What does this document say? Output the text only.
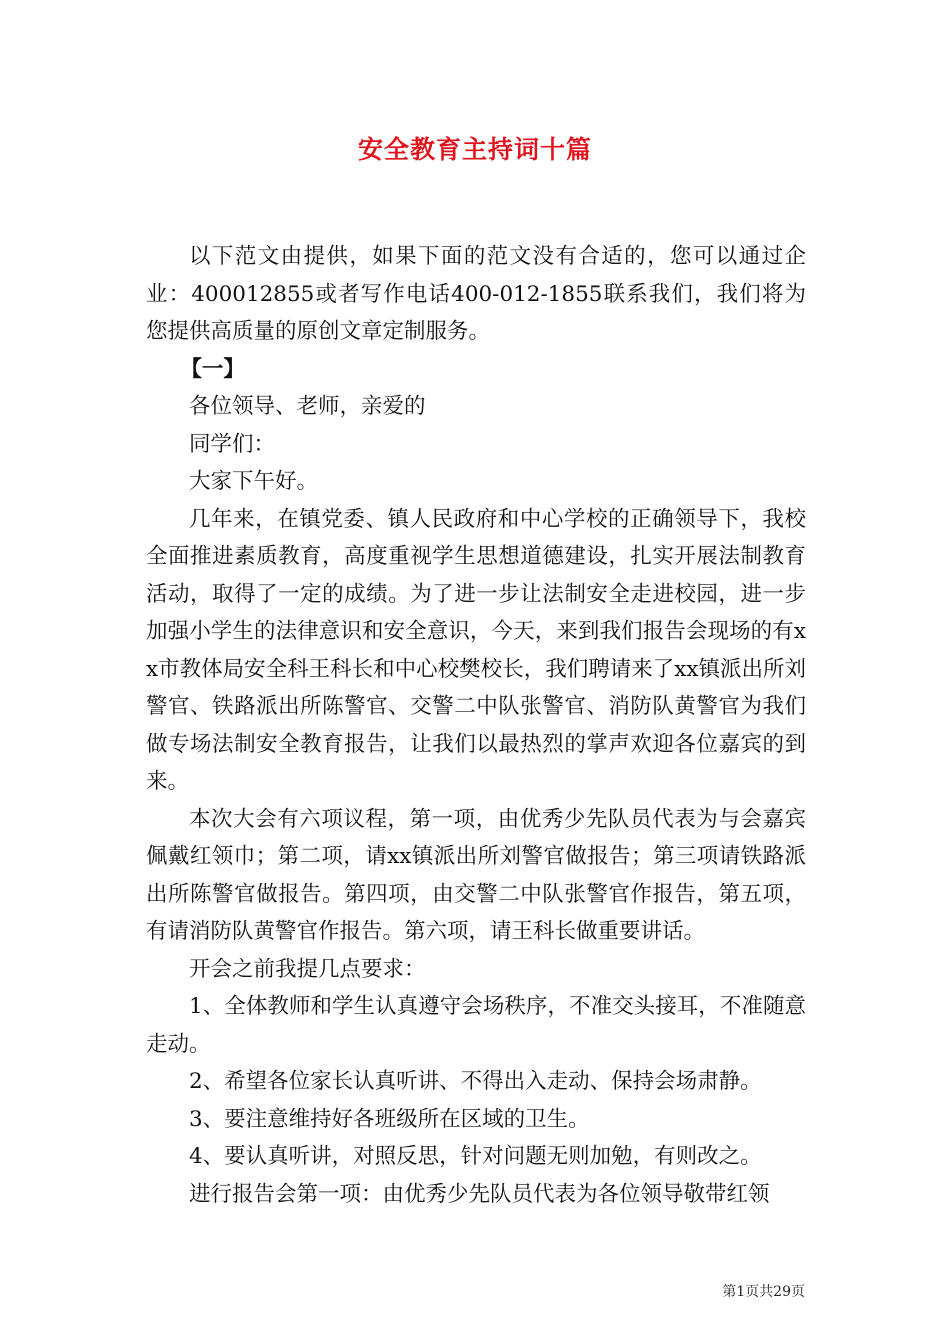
安全教育主持词十篇

以下范文由提供，如果下面的范文没有合适的，您可以通过企业：400012855或者写作电话400-012-1855联系我们，我们将为您提供高质量的原创文章定制服务。

【一】

各位领导、老师，亲爱的

同学们：

大家下午好。

几年来，在镇党委、镇人民政府和中心学校的正确领导下，我校全面推进素质教育，高度重视学生思想道德建设，扎实开展法制教育活动，取得了一定的成绩。为了进一步让法制安全走进校园，进一步加强小学生的法律意识和安全意识，今天，来到我们报告会现场的有xx市教体局安全科王科长和中心校樊校长，我们聘请来了xx镇派出所刘警官、铁路派出所陈警官、交警二中队张警官、消防队黄警官为我们做专场法制安全教育报告，让我们以最热烈的掌声欢迎各位嘉宾的到来。

本次大会有六项议程，第一项，由优秀少先队员代表为与会嘉宾佩戴红领巾；第二项，请xx镇派出所刘警官做报告；第三项请铁路派出所陈警官做报告。第四项，由交警二中队张警官作报告，第五项，有请消防队黄警官作报告。第六项，请王科长做重要讲话。

开会之前我提几点要求：

1、全体教师和学生认真遵守会场秩序，不准交头接耳，不准随意走动。

2、希望各位家长认真听讲、不得出入走动、保持会场肃静。

3、要注意维持好各班级所在区域的卫生。

4、要认真听讲，对照反思，针对问题无则加勉，有则改之。

进行报告会第一项：由优秀少先队员代表为各位领导敬带红领

第1页共29页
